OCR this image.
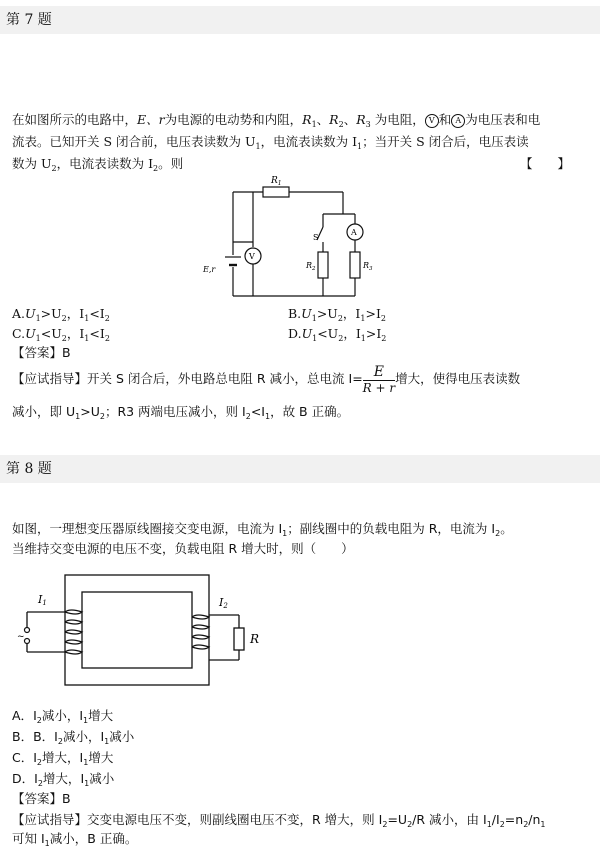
第 7 题
在如图所示的电路中，E、r为电源的电动势和内阻，$R_1$、$R_2$、$R_3$ 为电阻， V 和 A 为电压表和电
流表。已知开关 S 闭合前，电压表读数为 $U_1$，电流表读数为 $I_1$；当开关 S 闭合后，电压表读
数为 $U_2$，电流表读数为 $I_2$。则	【　　】
$R_1$
V
A
S
$R_2$	$R_3$
E,r
$A.U_1>U_2$，$I_1<I_2$	$B.U_1>U_2$，$I_1>I_2$
$C.U_1<U_2$，$I_1<I_2$	$D.U_1<U_2$，$I_1>I_2$
【答案】B
【应试指导】开关 S 闭合后，外电路总电阻 R 减小，总电流 $I= \frac{E}{R + r}$ 增大，使得电压表读数
减小，即 $U_1>U_2$；R3 两端电压减小，则 $I_2<I_1$，故 B 正确。
第 8 题
如图，一理想变压器原线圈接交变电源，电流为 $I_1$；副线圈中的负载电阻为 R，电流为 $I_2$。
当维持交变电源的电压不变，负载电阻 R 增大时，则（　　）
~
I1	I2
R
A．$I_2$减小，$I_1$增大
B．B．$I_2$减小，$I_1$减小
C．$I_2$增大，$I_1$增大
D．$I_2$增大，$I_1$减小
【答案】B
【应试指导】交变电源电压不变，则副线圈电压不变，R 增大，则 $I_2=U_2/R$ 减小，由 $I_1/I_2=n_2/n_1$
可知 $I_1$减小，B 正确。
